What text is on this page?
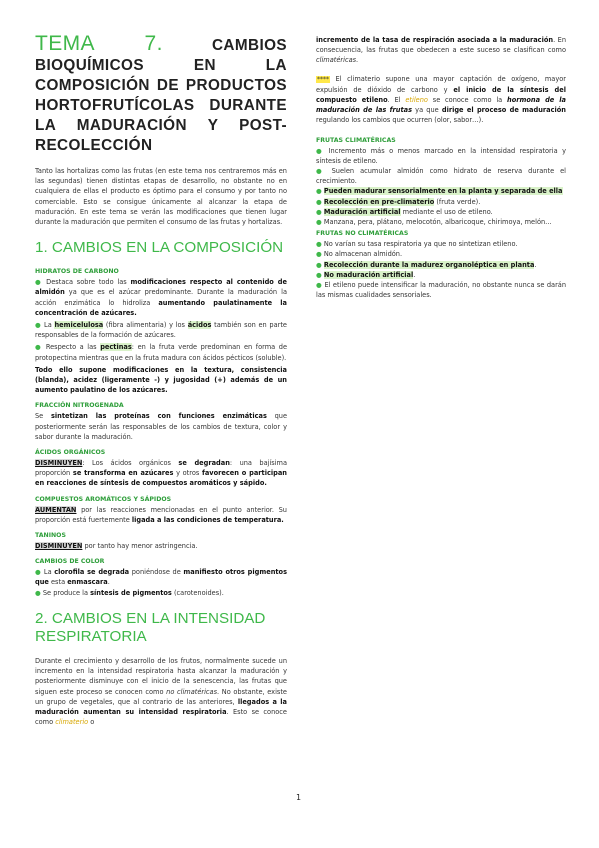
TEMA 7. CAMBIOS BIOQUÍMICOS EN LA COMPOSICIÓN DE PRODUCTOS HORTOFRUTÍCOLAS DURANTE LA MADURACIÓN Y POST-RECOLECCIÓN

Tanto las hortalizas como las frutas (en este tema nos centraremos más en las segundas) tienen distintas etapas de desarrollo, no obstante no en cualquiera de ellas el producto es óptimo para el consumo y por tanto no comerciable. Esto se consigue únicamente al alcanzar la etapa de maduración. En este tema se verán las modificaciones que tienen lugar durante la maduración que permiten el consumo de las frutas y hortalizas.

1. CAMBIOS EN LA COMPOSICIÓN
HIDRATOS DE CARBONO

● Destaca sobre todo las modificaciones respecto al contenido de almidón ya que es el azúcar predominante. Durante la maduración la acción enzimática lo hidroliza aumentando paulatinamente la concentración de azúcares.

● La hemicelulosa (fibra alimentaria) y los ácidos también son en parte responsables de la formación de azúcares.

● Respecto a las pectinas: en la fruta verde predominan en forma de protopectina mientras que en la fruta madura con ácidos pécticos (soluble).

Todo ello supone modificaciones en la textura, consistencia (blanda), acidez (ligeramente -) y jugosidad (+) además de un aumento paulatino de los azúcares.

FRACCIÓN NITROGENADA

Se sintetizan las proteínas con funciones enzimáticas que posteriormente serán las responsables de los cambios de textura, color y sabor durante la maduración.

ÁCIDOS ORGÁNICOS

DISMINUYEN: Los ácidos orgánicos se degradan: una bajísima proporción se transforma en azúcares y otros favorecen o participan en reacciones de síntesis de compuestos aromáticos y sápido.

COMPUESTOS AROMÁTICOS Y SÁPIDOS

AUMENTAN por las reacciones mencionadas en el punto anterior. Su proporción está fuertemente ligada a las condiciones de temperatura.

TANINOS

DISMINUYEN por tanto hay menor astringencia.

CAMBIOS DE COLOR

● La clorofila se degrada poniéndose de manifiesto otros pigmentos que esta enmascara.

● Se produce la síntesis de pigmentos (carotenoides).

2. CAMBIOS EN LA INTENSIDAD RESPIRATORIA

Durante el crecimiento y desarrollo de los frutos, normalmente sucede un incremento en la intensidad respiratoria hasta alcanzar la maduración y posteriormente disminuye con el inicio de la senescencia, las frutas que siguen este proceso se conocen como no climatéricas. No obstante, existe un grupo de vegetales, que al contrario de las anteriores, llegados a la maduración aumentan su intensidad respiratoria. Esto se conoce como climaterio o

incremento de la tasa de respiración asociada a la maduración. En consecuencia, las frutas que obedecen a este suceso se clasifican como climatéricas.

**** El climaterio supone una mayor captación de oxígeno, mayor expulsión de dióxido de carbono y el inicio de la síntesis del compuesto etileno. El etileno se conoce como la hormona de la maduración de las frutas ya que dirige el proceso de maduración regulando los cambios que ocurren (olor, sabor…).

FRUTAS CLIMATÉRICAS

● Incremento más o menos marcado en la intensidad respiratoria y síntesis de etileno.

● Suelen acumular almidón como hidrato de reserva durante el crecimiento.

● Pueden madurar sensorialmente en la planta y separada de ella

● Recolección en pre-climaterio (fruta verde).

● Maduración artificial mediante el uso de etileno.

● Manzana, pera, plátano, melocotón, albaricoque, chirimoya, melón…

FRUTAS NO CLIMATÉRICAS

● No varían su tasa respiratoria ya que no sintetizan etileno.

● No almacenan almidón.

● Recolección durante la madurez organoléptica en planta.

● No maduración artificial.

● El etileno puede intensificar la maduración, no obstante nunca se darán las mismas cualidades sensoriales.

1
